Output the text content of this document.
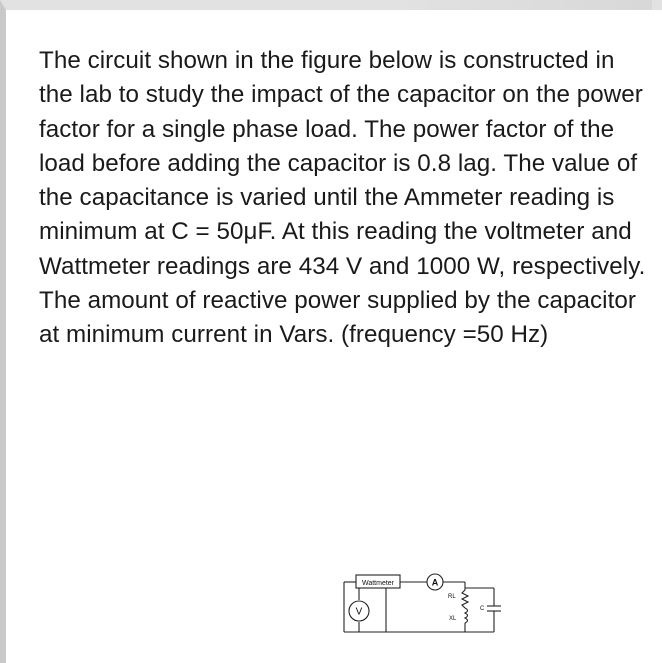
The circuit shown in the figure below is constructed in the lab to study the impact of the capacitor on the power factor for a single phase load. The power factor of the load before adding the capacitor is 0.8 lag. The value of the capacitance is varied until the Ammeter reading is minimum at C = 50μF. At this reading the voltmeter and Wattmeter readings are 434 V and 1000 W, respectively. The amount of reactive power supplied by the capacitor at minimum current in Vars. (frequency =50 Hz)

Wattmeter	A
V
RL
XL
C
